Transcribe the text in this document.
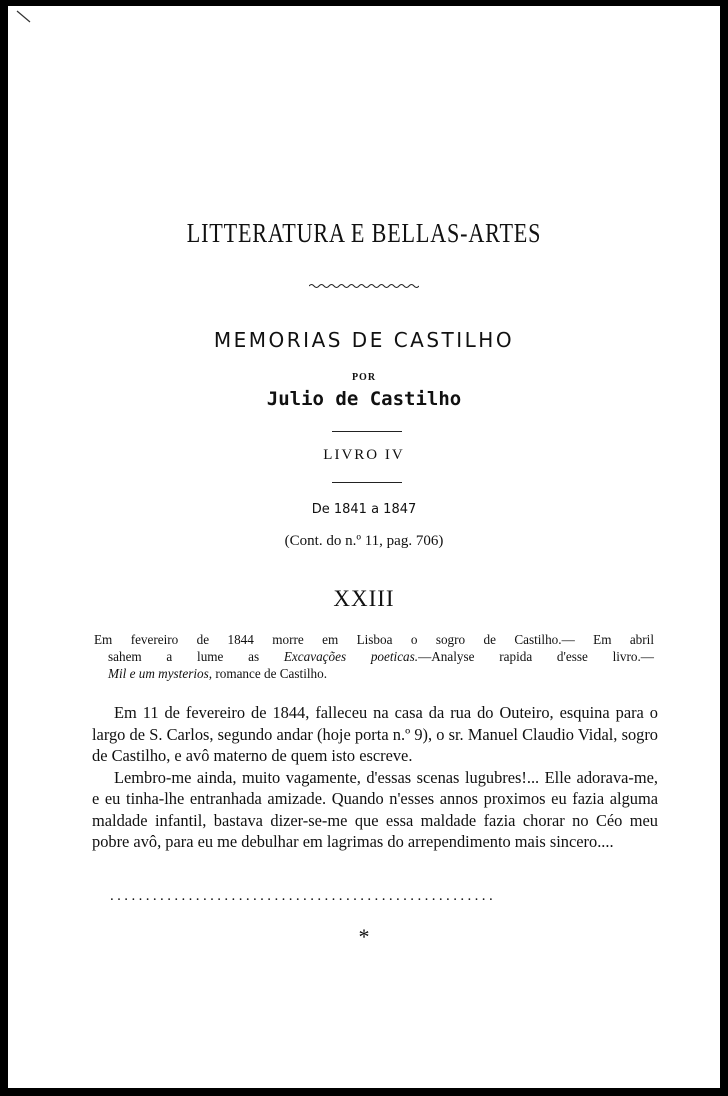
LITTERATURA E BELLAS-ARTES
MEMORIAS DE CASTILHO
POR
Julio de Castilho
LIVRO IV
De 1841 a 1847
(Cont. do n.º 11, pag. 706)
XXIII

Em fevereiro de 1844 morre em Lisboa o sogro de Castilho.— Em abril

sahem a lume as Excavações poeticas.—Analyse rapida d'esse livro.—

Mil e um mysterios, romance de Castilho.

Em 11 de fevereiro de 1844, falleceu na casa da rua do Outeiro, esquina para o largo de S. Carlos, segundo andar (hoje porta n.º 9), o sr. Manuel Claudio Vidal, sogro de Castilho, e avô materno de quem isto escreve.

Lembro-me ainda, muito vagamente, d'essas scenas lugubres!... Elle adorava-me, e eu tinha-lhe entranhada amizade. Quando n'esses annos proximos eu fazia alguma maldade infantil, bastava dizer-se-me que essa maldade fazia chorar no Céo meu pobre avô, para eu me debulhar em lagrimas do arrependimento mais sincero....

......................................................
*
